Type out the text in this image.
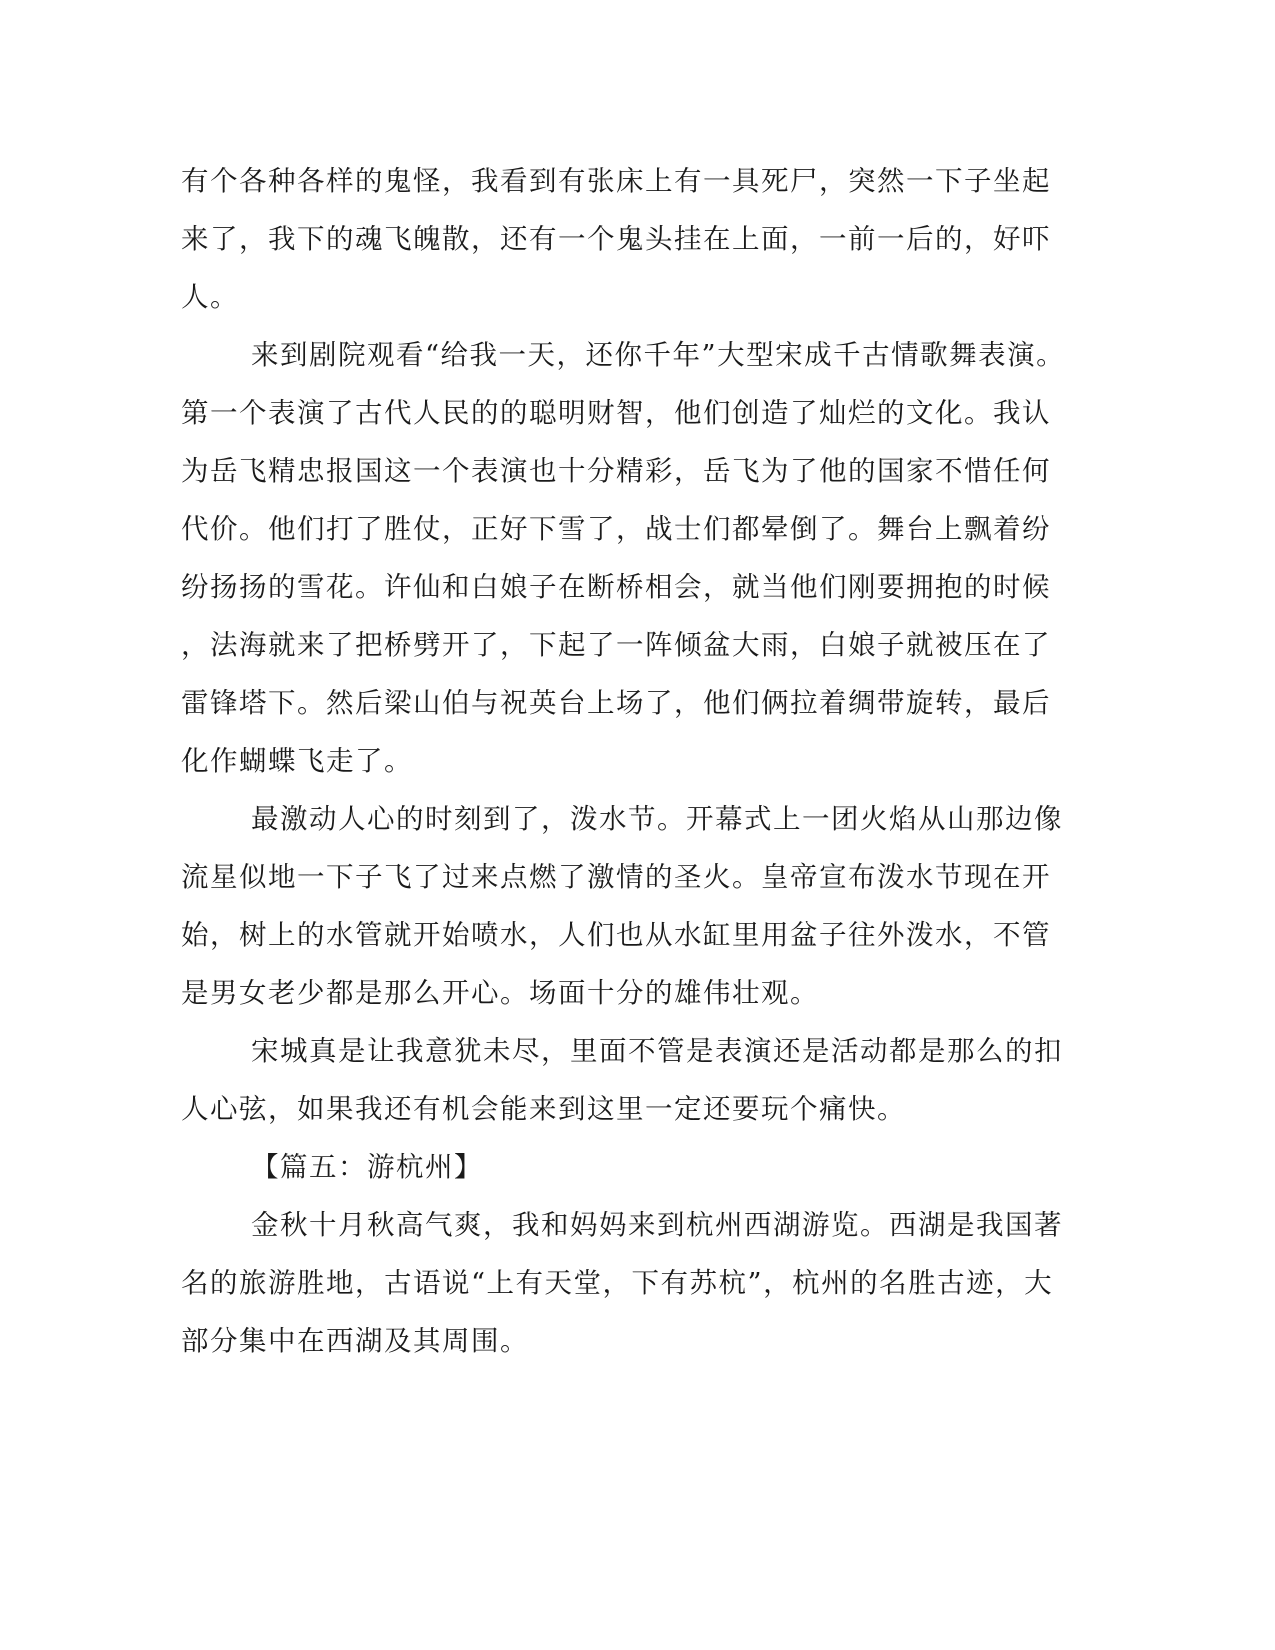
有个各种各样的鬼怪，我看到有张床上有一具死尸，突然一下子坐起
来了，我下的魂飞魄散，还有一个鬼头挂在上面，一前一后的，好吓
人。
来到剧院观看“给我一天，还你千年”大型宋成千古情歌舞表演。
第一个表演了古代人民的的聪明财智，他们创造了灿烂的文化。我认
为岳飞精忠报国这一个表演也十分精彩，岳飞为了他的国家不惜任何
代价。他们打了胜仗，正好下雪了，战士们都晕倒了。舞台上飘着纷
纷扬扬的雪花。许仙和白娘子在断桥相会，就当他们刚要拥抱的时候
，法海就来了把桥劈开了，下起了一阵倾盆大雨，白娘子就被压在了
雷锋塔下。然后梁山伯与祝英台上场了，他们俩拉着绸带旋转，最后
化作蝴蝶飞走了。
最激动人心的时刻到了，泼水节。开幕式上一团火焰从山那边像
流星似地一下子飞了过来点燃了激情的圣火。皇帝宣布泼水节现在开
始，树上的水管就开始喷水，人们也从水缸里用盆子往外泼水，不管
是男女老少都是那么开心。场面十分的雄伟壮观。
宋城真是让我意犹未尽，里面不管是表演还是活动都是那么的扣
人心弦，如果我还有机会能来到这里一定还要玩个痛快。
【篇五：游杭州】
金秋十月秋高气爽，我和妈妈来到杭州西湖游览。西湖是我国著
名的旅游胜地，古语说“上有天堂，下有苏杭”，杭州的名胜古迹，大
部分集中在西湖及其周围。
